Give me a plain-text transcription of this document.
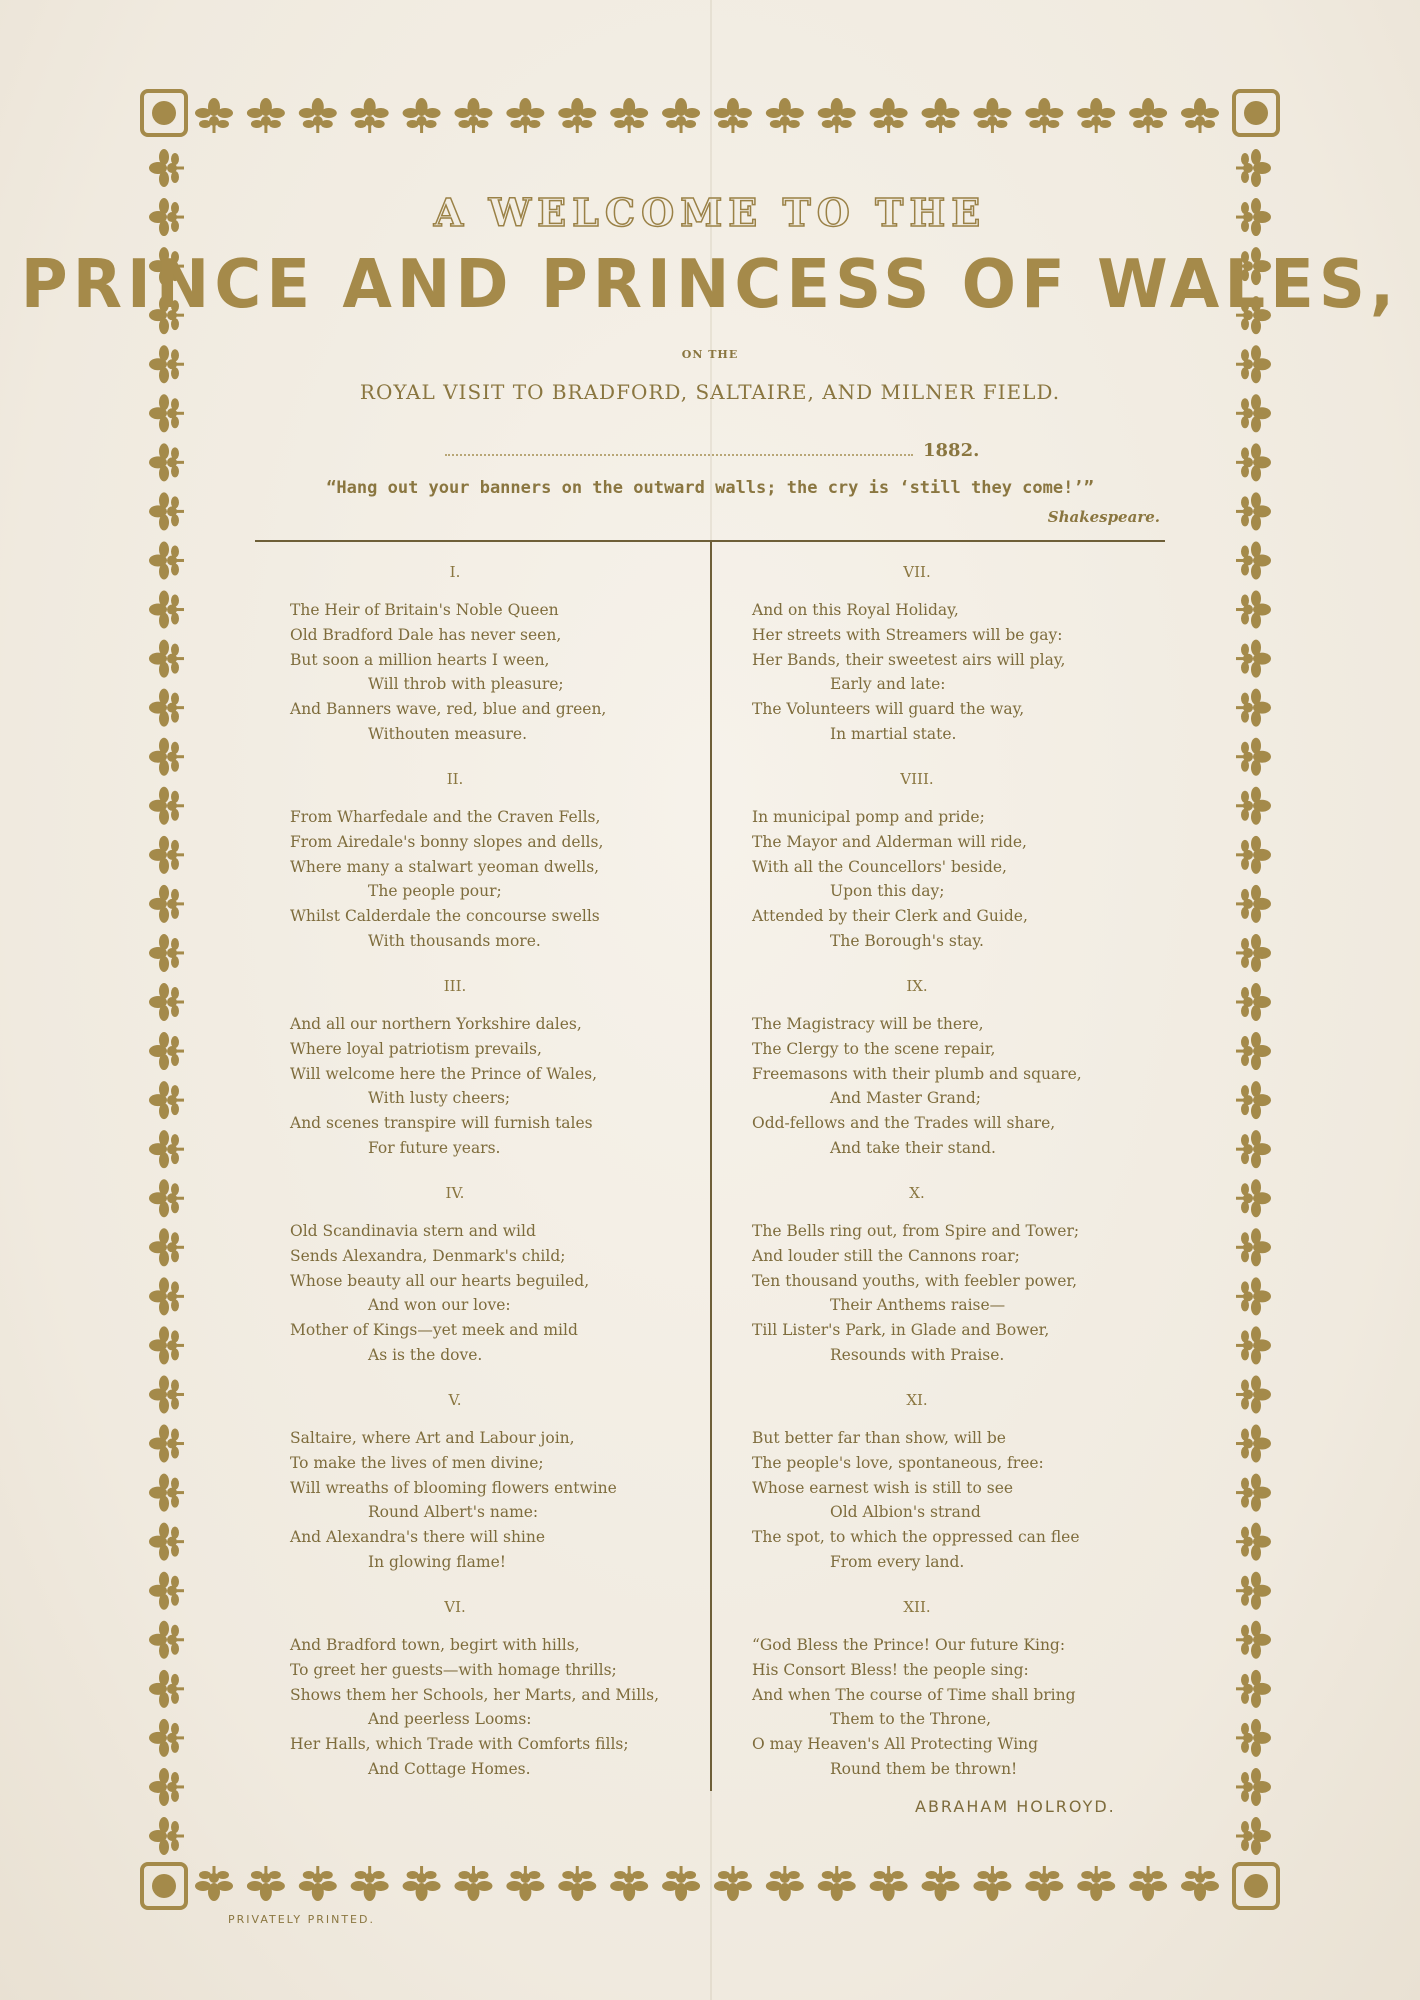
A WELCOME TO THE
PRINCE AND PRINCESS OF WALES,
ON THE
ROYAL VISIT TO BRADFORD, SALTAIRE, AND MILNER FIELD.
1882.
“Hang out your banners on the outward walls; the cry is ‘still they come!’”
Shakespeare.
I.
The Heir of Britain's Noble Queen
Old Bradford Dale has never seen,
But soon a million hearts I ween,
Will throb with pleasure;
And Banners wave, red, blue and green,
Withouten measure.
II.
From Wharfedale and the Craven Fells,
From Airedale's bonny slopes and dells,
Where many a stalwart yeoman dwells,
The people pour;
Whilst Calderdale the concourse swells
With thousands more.
III.
And all our northern Yorkshire dales,
Where loyal patriotism prevails,
Will welcome here the Prince of Wales,
With lusty cheers;
And scenes transpire will furnish tales
For future years.
IV.
Old Scandinavia stern and wild
Sends Alexandra, Denmark's child;
Whose beauty all our hearts beguiled,
And won our love:
Mother of Kings—yet meek and mild
As is the dove.
V.
Saltaire, where Art and Labour join,
To make the lives of men divine;
Will wreaths of blooming flowers entwine
Round Albert's name:
And Alexandra's there will shine
In glowing flame!
VI.
And Bradford town, begirt with hills,
To greet her guests—with homage thrills;
Shows them her Schools, her Marts, and Mills,
And peerless Looms:
Her Halls, which Trade with Comforts fills;
And Cottage Homes.
VII.
And on this Royal Holiday,
Her streets with Streamers will be gay:
Her Bands, their sweetest airs will play,
Early and late:
The Volunteers will guard the way,
In martial state.
VIII.
In municipal pomp and pride;
The Mayor and Alderman will ride,
With all the Councellors' beside,
Upon this day;
Attended by their Clerk and Guide,
The Borough's stay.
IX.
The Magistracy will be there,
The Clergy to the scene repair,
Freemasons with their plumb and square,
And Master Grand;
Odd-fellows and the Trades will share,
And take their stand.
X.
The Bells ring out, from Spire and Tower;
And louder still the Cannons roar;
Ten thousand youths, with feebler power,
Their Anthems raise—
Till Lister's Park, in Glade and Bower,
Resounds with Praise.
XI.
But better far than show, will be
The people's love, spontaneous, free:
Whose earnest wish is still to see
Old Albion's strand
The spot, to which the oppressed can flee
From every land.
XII.
“God Bless the Prince! Our future King:
His Consort Bless! the people sing:
And when The course of Time shall bring
Them to the Throne,
O may Heaven's All Protecting Wing
Round them be thrown!
ABRAHAM HOLROYD.
PRIVATELY PRINTED.
